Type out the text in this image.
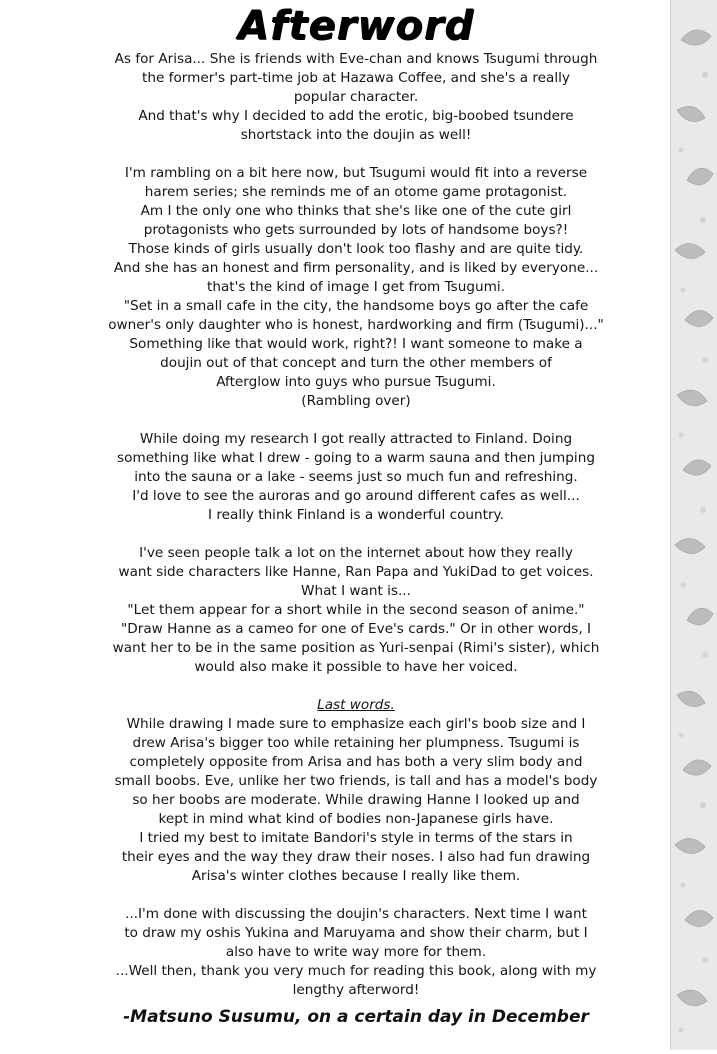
Afterword
As for Arisa... She is friends with Eve-chan and knows Tsugumi through
the former's part-time job at Hazawa Coffee, and she's a really
popular character.
And that's why I decided to add the erotic, big-boobed tsundere
shortstack into the doujin as well!
I'm rambling on a bit here now, but Tsugumi would fit into a reverse
harem series; she reminds me of an otome game protagonist.
Am I the only one who thinks that she's like one of the cute girl
protagonists who gets surrounded by lots of handsome boys?!
Those kinds of girls usually don't look too flashy and are quite tidy.
And she has an honest and firm personality, and is liked by everyone...
that's the kind of image I get from Tsugumi.
"Set in a small cafe in the city, the handsome boys go after the cafe
owner's only daughter who is honest, hardworking and firm (Tsugumi)..."
Something like that would work, right?! I want someone to make a
doujin out of that concept and turn the other members of
Afterglow into guys who pursue Tsugumi.
(Rambling over)
While doing my research I got really attracted to Finland. Doing
something like what I drew - going to a warm sauna and then jumping
into the sauna or a lake - seems just so much fun and refreshing.
I'd love to see the auroras and go around different cafes as well...
I really think Finland is a wonderful country.
I've seen people talk a lot on the internet about how they really
want side characters like Hanne, Ran Papa and YukiDad to get voices.
What I want is...
"Let them appear for a short while in the second season of anime."
"Draw Hanne as a cameo for one of Eve's cards." Or in other words, I
want her to be in the same position as Yuri-senpai (Rimi's sister), which
would also make it possible to have her voiced.
Last words.
While drawing I made sure to emphasize each girl's boob size and I
drew Arisa's bigger too while retaining her plumpness. Tsugumi is
completely opposite from Arisa and has both a very slim body and
small boobs. Eve, unlike her two friends, is tall and has a model's body
so her boobs are moderate. While drawing Hanne I looked up and
kept in mind what kind of bodies non-Japanese girls have.
I tried my best to imitate Bandori's style in terms of the stars in
their eyes and the way they draw their noses. I also had fun drawing
Arisa's winter clothes because I really like them.
...I'm done with discussing the doujin's characters. Next time I want
to draw my oshis Yukina and Maruyama and show their charm, but I
also have to write way more for them.
...Well then, thank you very much for reading this book, along with my
lengthy afterword!
-Matsuno Susumu, on a certain day in December
